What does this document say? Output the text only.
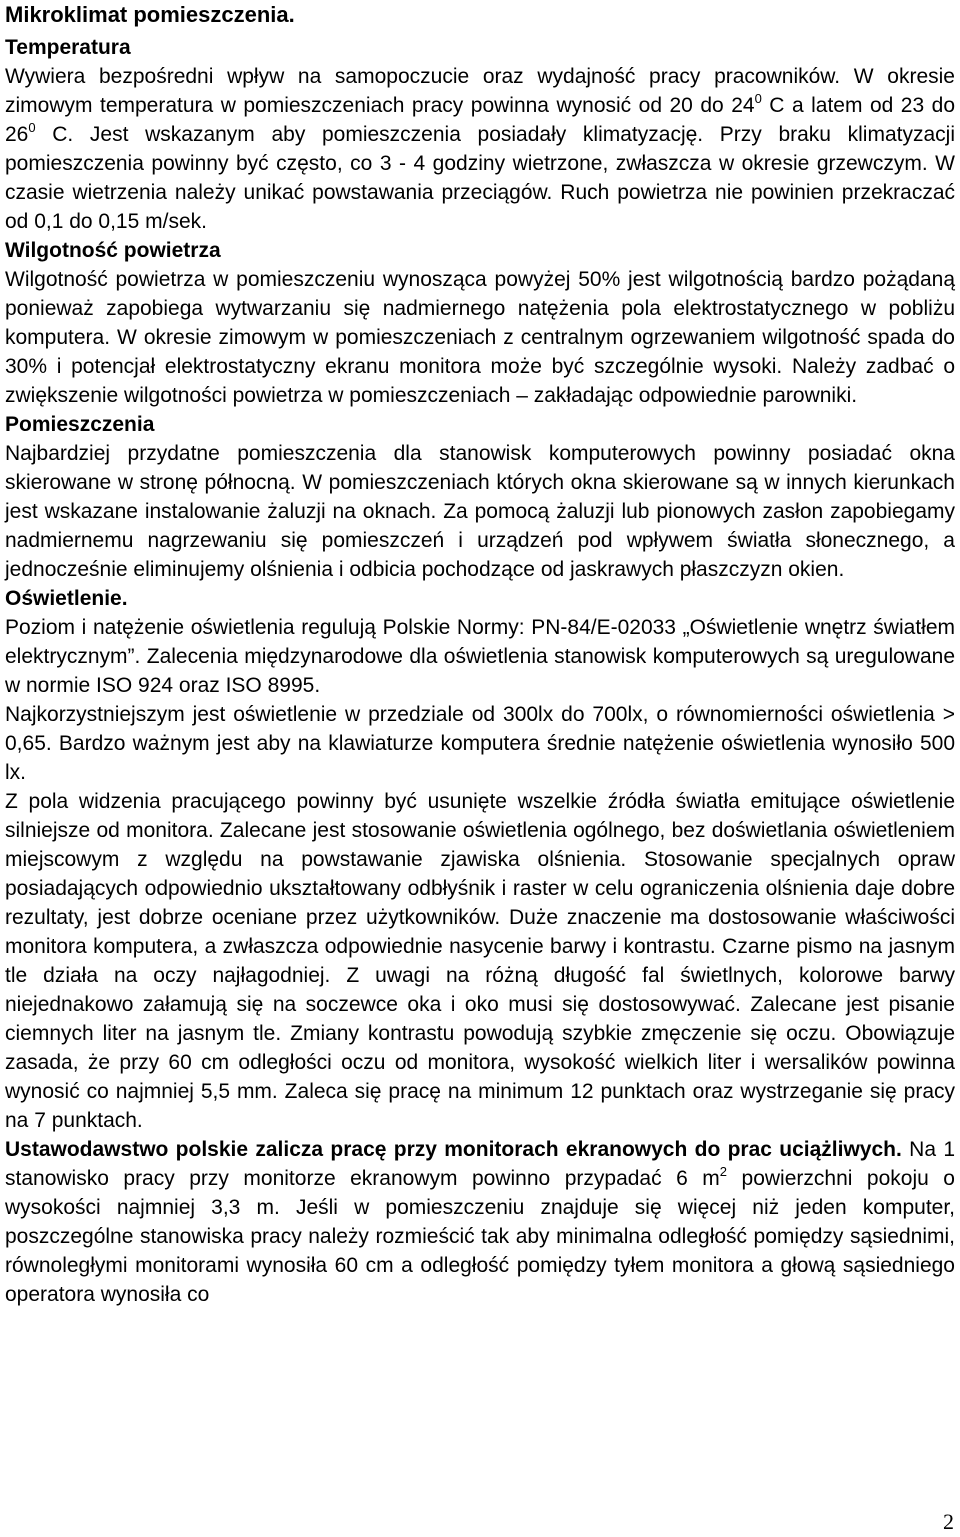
Mikroklimat pomieszczenia.
Temperatura

Wywiera bezpośredni wpływ na samopoczucie oraz wydajność pracy pracowników. W okresie zimowym temperatura w pomieszczeniach pracy powinna wynosić od 20 do $24^0$ C a latem od 23 do $26^0$ C. Jest wskazanym aby pomieszczenia posiadały klimatyzację. Przy braku klimatyzacji pomieszczenia powinny być często, co 3 - 4 godziny wietrzone, zwłaszcza w okresie grzewczym. W czasie wietrzenia należy unikać powstawania przeciągów. Ruch powietrza nie powinien przekraczać od 0,1 do 0,15 m/sek.

Wilgotność powietrza

Wilgotność powietrza w pomieszczeniu wynosząca powyżej 50% jest wilgotnością bardzo pożądaną ponieważ zapobiega wytwarzaniu się nadmiernego natężenia pola elektrostatycznego w pobliżu komputera. W okresie zimowym w pomieszczeniach z centralnym ogrzewaniem wilgotność spada do 30% i potencjał elektrostatyczny ekranu monitora może być szczególnie wysoki. Należy zadbać o zwiększenie wilgotności powietrza w pomieszczeniach – zakładając odpowiednie parowniki.

Pomieszczenia

Najbardziej przydatne pomieszczenia dla stanowisk komputerowych powinny posiadać okna skierowane w stronę północną. W pomieszczeniach których okna skierowane są w innych kierunkach jest wskazane instalowanie żaluzji na oknach. Za pomocą żaluzji lub pionowych zasłon zapobiegamy nadmiernemu nagrzewaniu się pomieszczeń i urządzeń pod wpływem światła słonecznego, a jednocześnie eliminujemy olśnienia i odbicia pochodzące od jaskrawych płaszczyzn okien.

Oświetlenie.

Poziom i natężenie oświetlenia regulują Polskie Normy: PN-84/E-02033 „Oświetlenie wnętrz światłem elektrycznym”. Zalecenia międzynarodowe dla oświetlenia stanowisk komputerowych są uregulowane w normie ISO 924 oraz ISO 8995.

Najkorzystniejszym jest oświetlenie w przedziale od 300lx do 700lx, o równomierności oświetlenia > 0,65. Bardzo ważnym jest aby na klawiaturze komputera średnie natężenie oświetlenia wynosiło 500 lx.

Z pola widzenia pracującego powinny być usunięte wszelkie źródła światła emitujące oświetlenie silniejsze od monitora. Zalecane jest stosowanie oświetlenia ogólnego, bez doświetlania oświetleniem miejscowym z względu na powstawanie zjawiska olśnienia. Stosowanie specjalnych opraw posiadających odpowiednio ukształtowany odbłyśnik i raster w celu ograniczenia olśnienia daje dobre rezultaty, jest dobrze oceniane przez użytkowników. Duże znaczenie ma dostosowanie właściwości monitora komputera, a zwłaszcza odpowiednie nasycenie barwy i kontrastu. Czarne pismo na jasnym tle działa na oczy najłagodniej. Z uwagi na różną długość fal świetlnych, kolorowe barwy niejednakowo załamują się na soczewce oka i oko musi się dostosowywać. Zalecane jest pisanie ciemnych liter na jasnym tle. Zmiany kontrastu powodują szybkie zmęczenie się oczu. Obowiązuje zasada, że przy 60 cm odległości oczu od monitora, wysokość wielkich liter i wersalików powinna wynosić co najmniej 5,5 mm. Zaleca się pracę na minimum 12 punktach oraz wystrzeganie się pracy na 7 punktach.

Ustawodawstwo polskie zalicza pracę przy monitorach ekranowych do prac uciążliwych. Na 1 stanowisko pracy przy monitorze ekranowym powinno przypadać 6 $m^2$ powierzchni pokoju o wysokości najmniej 3,3 m. Jeśli w pomieszczeniu znajduje się więcej niż jeden komputer, poszczególne stanowiska pracy należy rozmieścić tak aby minimalna odległość pomiędzy sąsiednimi, równoległymi monitorami wynosiła 60 cm a odległość pomiędzy tyłem monitora a głową sąsiedniego operatora wynosiła co

2
